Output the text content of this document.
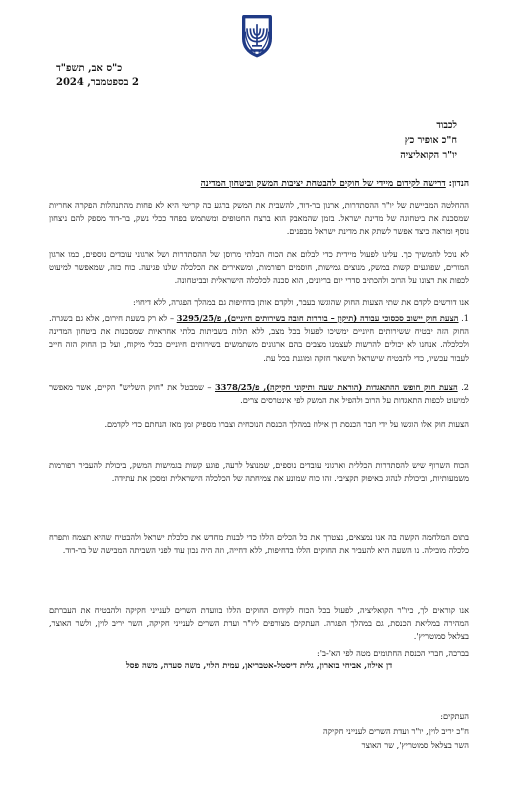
כ"ס אב, תשפ"ד
2 בספטמבר, 2024
לכבוד
ח"כ אופיר כץ
יו"ר הקואליציה
הנדון: דרישה לקידום מיידי של חוקים להבטחת יציבות המשק וביטחון המדינה
ההחלטה המביישת של יו"ר ההסתדרות, ארנון בר-דוד, להשבית את המשק ברגע כה קריטי היא לא פחות מהתנהלות הפקרה אחריות שמסכנת את ביטחונה של מדינת ישראל. בזמן שהמאבק הוא ברצח החטופים ומשתמש בפחד ככלי נשק, בר-דוד מספק להם ניצחון נוסף ומראה כיצד אפשר לשתק את מדינת ישראל מבפנים.
לא נוכל להמשיך כך. עלינו לפעול מיידית כדי לבלום את הכוח הבלתי מרוסן של ההסתדרות ושל ארגוני עובדים נוספים, כמו ארגון המורים, שפוגעים קשות במשק, מנוצים גמישות, חוסמים רפורמות, ומשאירים את הכלכלה שלנו פגיעה. כוח כזה, שמאפשר למיעוט לכפות את רצונו על הרוב ולהכתיב סדרי יום בריונים, הוא סכנה לכלכלה הישראלית ובביטחונה.
אנו דורשים לקדם את שתי הצעות החוק שהוגשו בעבר, ולקדם אותן בדחיפות גם במהלך הפגרה, ללא דיחוי:
1. הצעת חוק יישוב סכסוכי עבודה (תיקון – בוררות חובה בשירותים חיוניים), פ/3295/25 – לא רק בשעת חירום, אלא גם בשגרה. החוק הזה יבטיח ששירותים חיוניים ימשיכו לפעול בכל מצב, ללא תלות בשביתות בלתי אחראיות שמסכנות את ביטחון המדינה ולכלכלה. אנחנו לא יכולים להרשות לעצמנו מצבים בהם ארגונים משתמשים בשירותים חיוניים ככלי מיקוח, ועל כן החוק הזה חייב לעבור עכשיו, כדי להבטיח שישראל תישאר חזקה ומוגנת בכל עת.
2. הצעת חוק חופש ההתאגדות (הוראת שעה ותיקוני חקיקה), פ/3378/25 – שמבטל את "חוק השליש" הקיים, אשר מאפשר למיעוט לכפות התאגדות על הרוב ולהפיל את המשק לפי אינטרסים צרים.
הצעות חוק אלו הוגשו על ידי חבר הכנסת דן אילוז במהלך הכנסת הנוכחית וצברו מספיק זמן מאז הנחתם כדי לקדמם.
הכוח השרוף שיש להסתדרות הכללית וארגוני עובדים נוספים, שמנוצל לרעה, פוגע קשות בגמישות המשק, ביכולת להעביר רפורמות משמעותיות, וביכולת לנהוג באיפוק תקציבי. זהו כוח שמונע את צמיחתה של הכלכלה הישראלית ומסכן את עתידה.
בתום המלחמה הקשה בה אנו נמצאים, נצטרך את כל הכלים הללו כדי לבנות מחדש את כלכלת ישראל ולהבטיח שהיא תצמח ותפרח כלכלה מובילה. נו השעה היא להעביר את החוקים הללו בדחיפות, ללא דחייה, וזה היה נכון עוד לפני השביתה המבישה של בר-דוד.
אנו קוראים לך, כיו"ר הקואליציה, לפעול בכל הכוח לקידום החוקים הללו בוועדת השרים לענייני חקיקה ולהבטיח את העברתם המהירה במליאת הכנסת, גם במהלך הפגרה. העתקים מצורפים ליו"ר ועדת השרים לענייני חקיקה, השר יריב לוין, ולשר האוצר, בצלאל סמוטריץ'.
בברכה, חברי הכנסת החתומים מטה לפי הא'-ב':
דן אילוז, אביחי בוארון, גלית דיסטל-אטבריאן, עמית הלוי, משה סעדה, משה פסל
העתקים:
ח"כ יריב לוין, יו"ר ועדת השרים לענייני חקיקה
השר בצלאל סמוטריץ', שר האוצר
